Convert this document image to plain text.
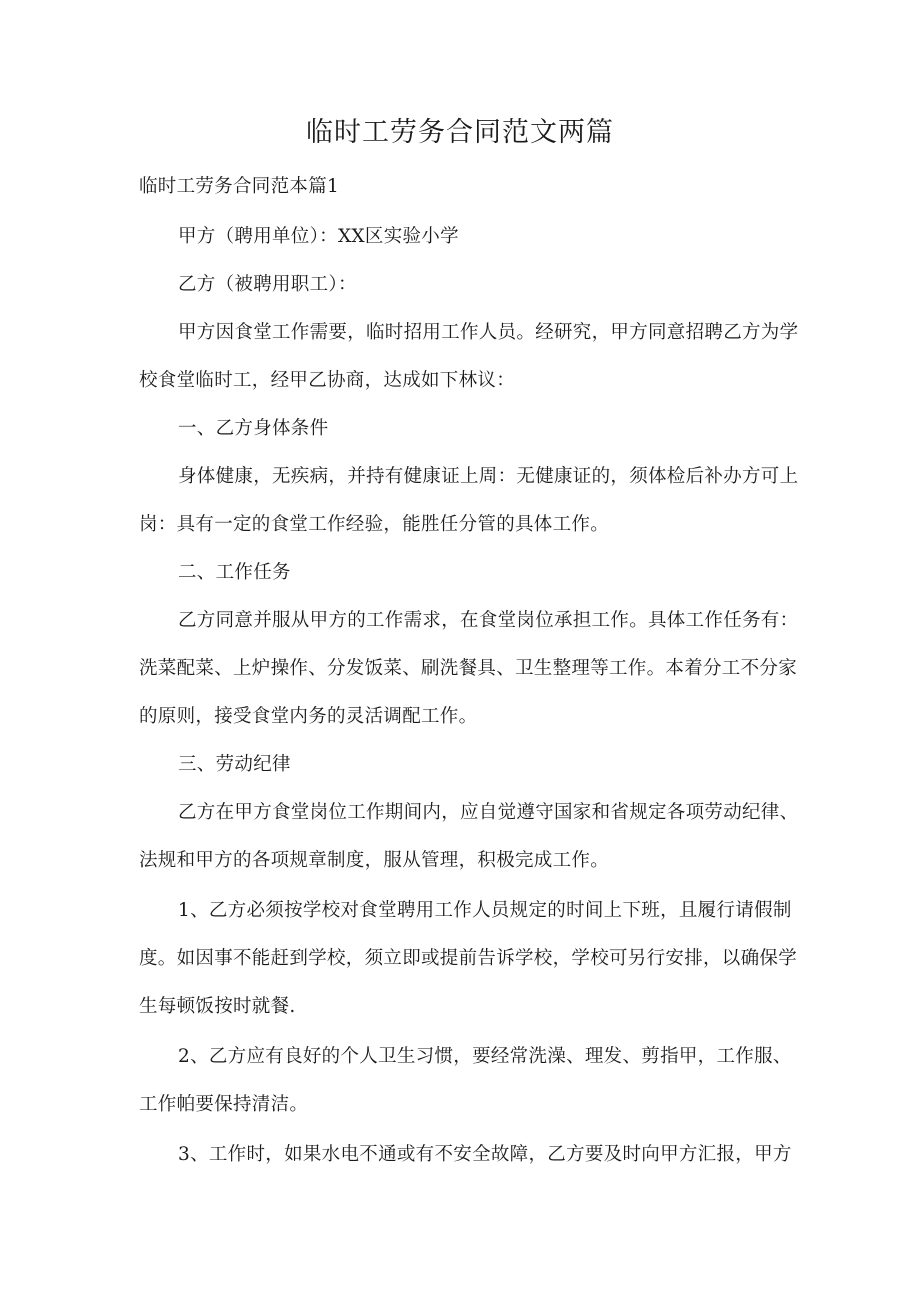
临时工劳务合同范文两篇
临时工劳务合同范本篇1
甲方（聘用单位）：XX区实验小学
乙方（被聘用职工）：
甲方因食堂工作需要，临时招用工作人员。经研究，甲方同意招聘乙方为学
校食堂临时工，经甲乙协商，达成如下林议：
一、乙方身体条件
身体健康，无疾病，并持有健康证上周：无健康证的，须体检后补办方可上
岗：具有一定的食堂工作经验，能胜任分管的具体工作。
二、工作任务
乙方同意并服从甲方的工作需求，在食堂岗位承担工作。具体工作任务有：
洗菜配菜、上炉操作、分发饭菜、刷洗餐具、卫生整理等工作。本着分工不分家
的原则，接受食堂内务的灵活调配工作。
三、劳动纪律
乙方在甲方食堂岗位工作期间内，应自觉遵守国家和省规定各项劳动纪律、
法规和甲方的各项规章制度，服从管理，积极完成工作。
1、乙方必须按学校对食堂聘用工作人员规定的时间上下班，且履行请假制
度。如因事不能赶到学校，须立即或提前告诉学校，学校可另行安排，以确保学
生每顿饭按时就餐.
2、乙方应有良好的个人卫生习惯，要经常洗澡、理发、剪指甲，工作服、
工作帕要保持清洁。
3、工作时，如果水电不通或有不安全故障，乙方要及时向甲方汇报，甲方
